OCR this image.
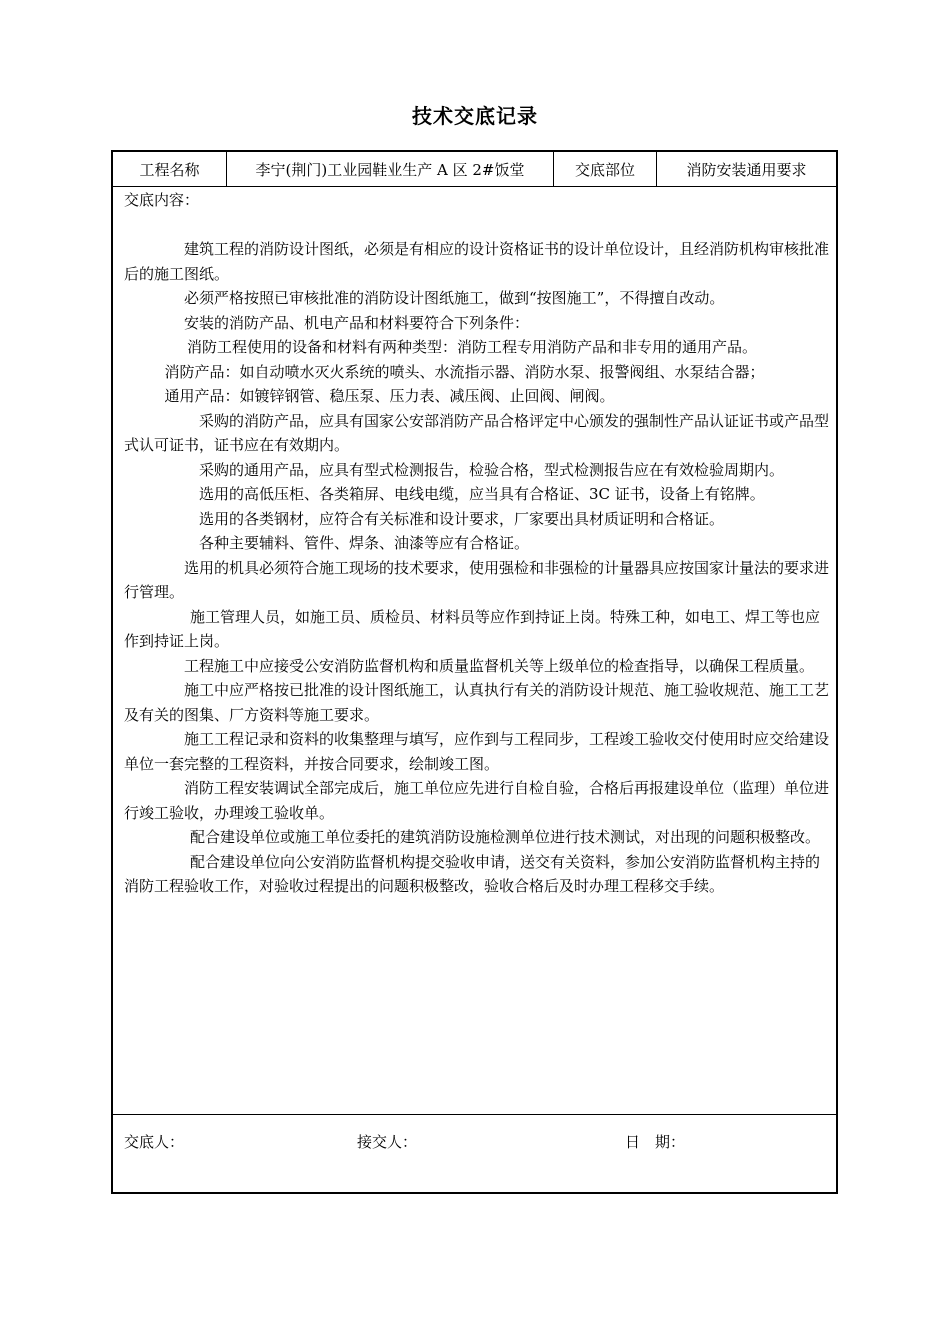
技术交底记录
工程名称	李宁(荆门)工业园鞋业生产 A 区 2#饭堂	交底部位	消防安装通用要求

交底内容：

建筑工程的消防设计图纸，必须是有相应的设计资格证书的设计单位设计，且经消防机构审核批准后的施工图纸。

必须严格按照已审核批准的消防设计图纸施工，做到“按图施工”，不得擅自改动。

安装的消防产品、机电产品和材料要符合下列条件：

消防工程使用的设备和材料有两种类型：消防工程专用消防产品和非专用的通用产品。

消防产品：如自动喷水灭火系统的喷头、水流指示器、消防水泵、报警阀组、水泵结合器；

通用产品：如镀锌钢管、稳压泵、压力表、减压阀、止回阀、闸阀。

采购的消防产品，应具有国家公安部消防产品合格评定中心颁发的强制性产品认证证书或产品型式认可证书，证书应在有效期内。

采购的通用产品，应具有型式检测报告，检验合格，型式检测报告应在有效检验周期内。

选用的高低压柜、各类箱屏、电线电缆，应当具有合格证、3C 证书，设备上有铭牌。

选用的各类钢材，应符合有关标准和设计要求，厂家要出具材质证明和合格证。

各种主要辅料、管件、焊条、油漆等应有合格证。

选用的机具必须符合施工现场的技术要求，使用强检和非强检的计量器具应按国家计量法的要求进行管理。

施工管理人员，如施工员、质检员、材料员等应作到持证上岗。特殊工种，如电工、焊工等也应作到持证上岗。

工程施工中应接受公安消防监督机构和质量监督机关等上级单位的检查指导，以确保工程质量。

施工中应严格按已批准的设计图纸施工，认真执行有关的消防设计规范、施工验收规范、施工工艺及有关的图集、厂方资料等施工要求。

施工工程记录和资料的收集整理与填写，应作到与工程同步，工程竣工验收交付使用时应交给建设单位一套完整的工程资料，并按合同要求，绘制竣工图。

消防工程安装调试全部完成后，施工单位应先进行自检自验，合格后再报建设单位（监理）单位进行竣工验收，办理竣工验收单。

配合建设单位或施工单位委托的建筑消防设施检测单位进行技术测试，对出现的问题积极整改。

配合建设单位向公安消防监督机构提交验收申请，送交有关资料，参加公安消防监督机构主持的消防工程验收工作，对验收过程提出的问题积极整改，验收合格后及时办理工程移交手续。

交底人：	接交人：	日　期：
